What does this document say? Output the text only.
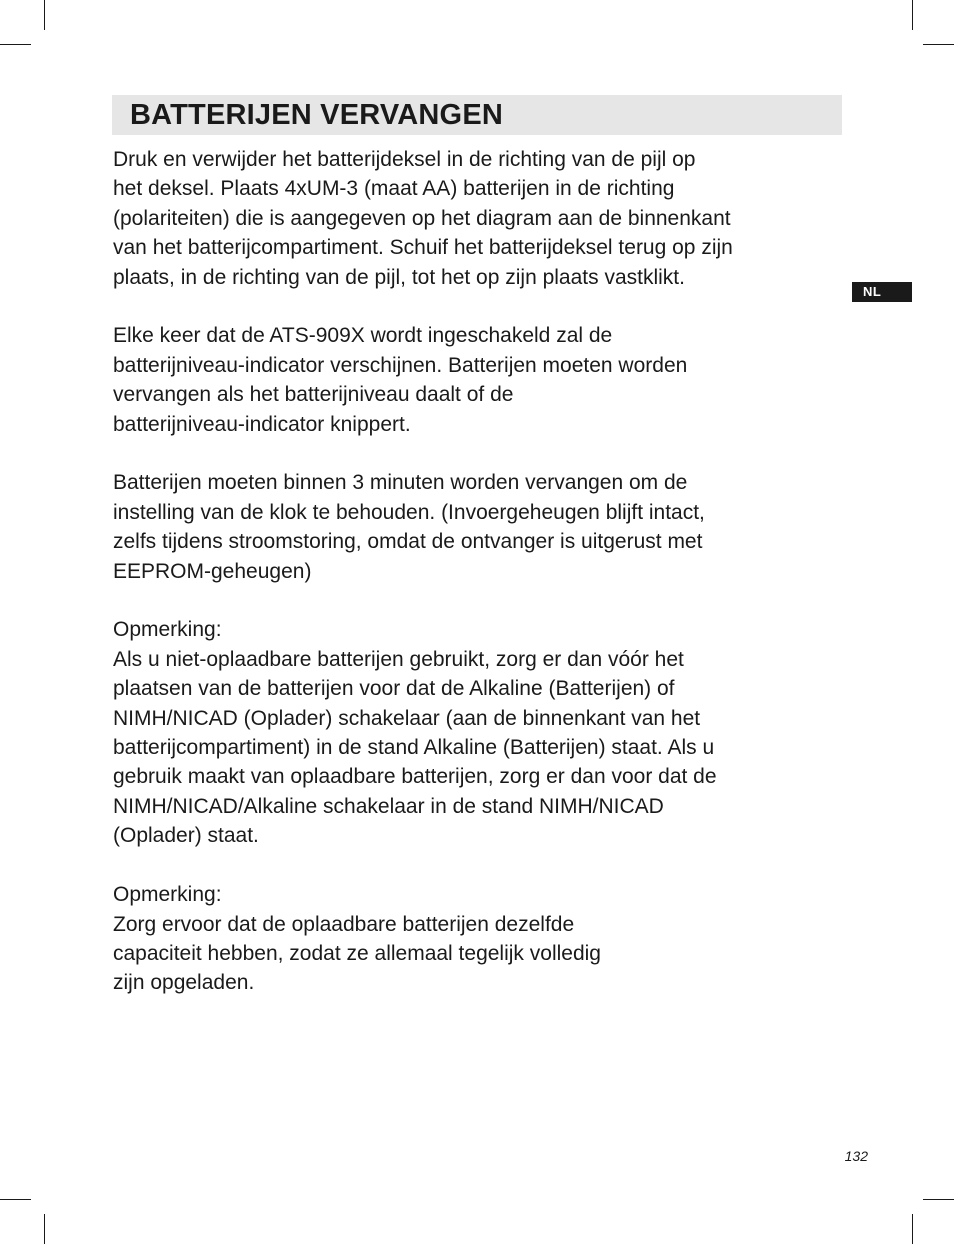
BATTERIJEN VERVANGEN
NL

Druk en verwijder het batterijdeksel in de richting van de pijl op
het deksel. Plaats 4xUM-3 (maat AA) batterijen in de richting
(polariteiten) die is aangegeven op het diagram aan de binnenkant
van het batterijcompartiment. Schuif het batterijdeksel terug op zijn
plaats, in de richting van de pijl, tot het op zijn plaats vastklikt.

Elke keer dat de ATS-909X wordt ingeschakeld zal de
batterijniveau-indicator verschijnen. Batterijen moeten worden
vervangen als het batterijniveau daalt of de
batterijniveau-indicator knippert.

Batterijen moeten binnen 3 minuten worden vervangen om de
instelling van de klok te behouden. (Invoergeheugen blijft intact,
zelfs tijdens stroomstoring, omdat de ontvanger is uitgerust met
EEPROM-geheugen)

Opmerking:
Als u niet-oplaadbare batterijen gebruikt, zorg er dan vóór het
plaatsen van de batterijen voor dat de Alkaline (Batterijen) of
NIMH/NICAD (Oplader) schakelaar (aan de binnenkant van het
batterijcompartiment) in de stand Alkaline (Batterijen) staat. Als u
gebruik maakt van oplaadbare batterijen, zorg er dan voor dat de
NIMH/NICAD/Alkaline schakelaar in de stand NIMH/NICAD
(Oplader) staat.

Opmerking:
Zorg ervoor dat de oplaadbare batterijen dezelfde
capaciteit hebben, zodat ze allemaal tegelijk volledig
zijn opgeladen.

132
